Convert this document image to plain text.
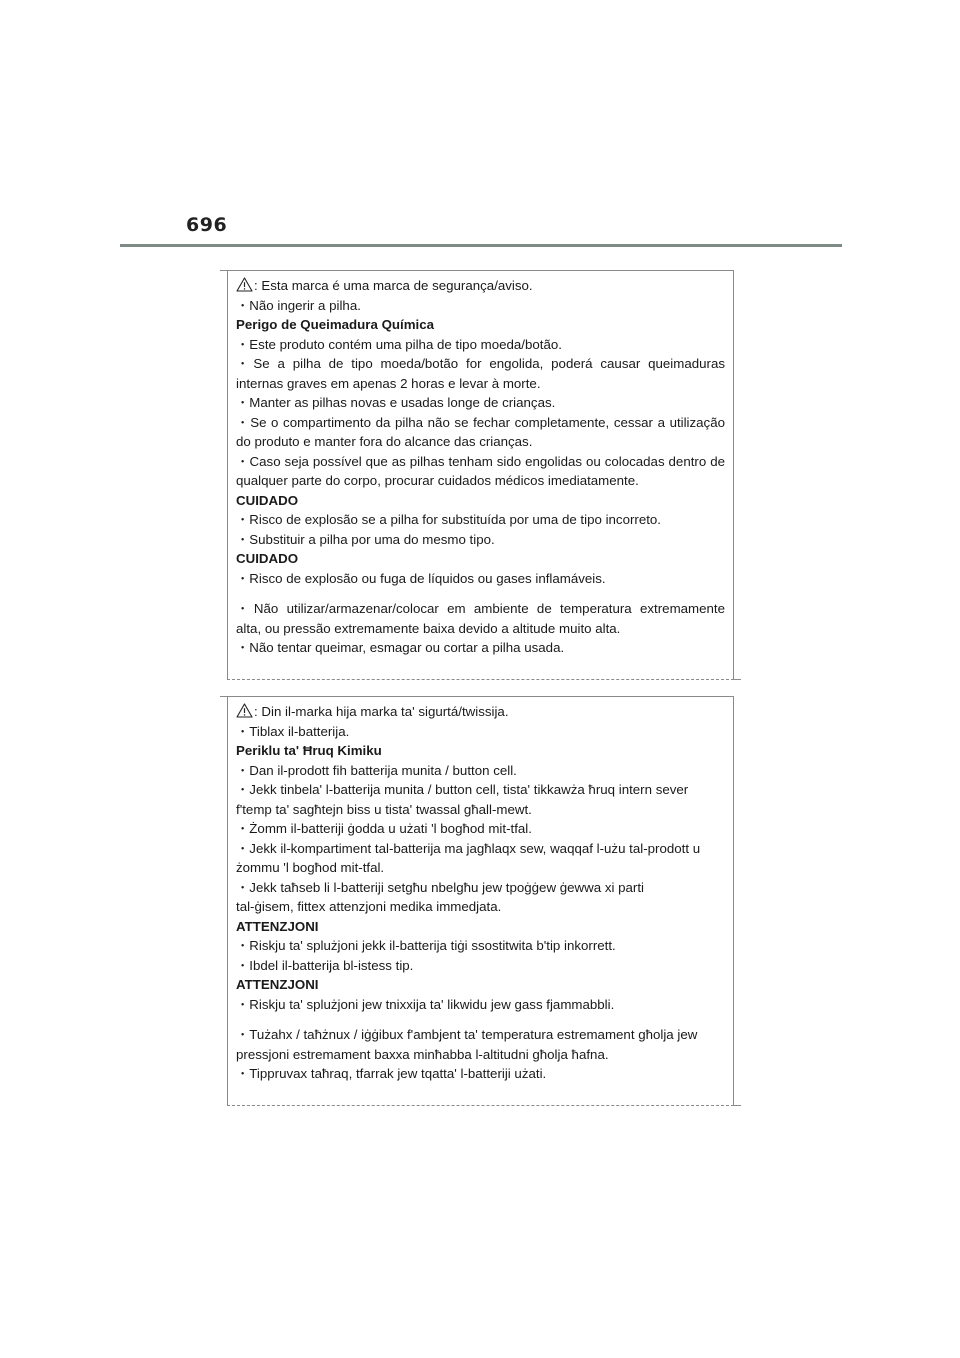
696

: Esta marca é uma marca de segurança/aviso.

・Não ingerir a pilha.

Perigo de Queimadura Química

・Este produto contém uma pilha de tipo moeda/botão.

・Se a pilha de tipo moeda/botão for engolida, poderá causar queimaduras

internas graves em apenas 2 horas e levar à morte.

・Manter as pilhas novas e usadas longe de crianças.

・Se o compartimento da pilha não se fechar completamente, cessar a utilização

do produto e manter fora do alcance das crianças.

・Caso seja possível que as pilhas tenham sido engolidas ou colocadas dentro de

qualquer parte do corpo, procurar cuidados médicos imediatamente.

CUIDADO

・Risco de explosão se a pilha for substituída por uma de tipo incorreto.

・Substituir a pilha por uma do mesmo tipo.

CUIDADO

・Risco de explosão ou fuga de líquidos ou gases inflamáveis.

・Não utilizar/armazenar/colocar em ambiente de temperatura extremamente

alta, ou pressão extremamente baixa devido a altitude muito alta.

・Não tentar queimar, esmagar ou cortar a pilha usada.

: Din il-marka hija marka ta' sigurtá/twissija.

・Tiblax il-batterija.

Periklu ta' Ħruq Kimiku

・Dan il-prodott fih batterija munita / button cell.

・Jekk tinbela' l-batterija munita / button cell, tista' tikkawża ħruq intern sever

f'temp ta' sagħtejn biss u tista' twassal għall-mewt.

・Żomm il-batteriji ġodda u użati 'l bogħod mit-tfal.

・Jekk il-kompartiment tal-batterija ma jagħlaqx sew, waqqaf l-użu tal-prodott u

żommu 'l bogħod mit-tfal.

・Jekk taħseb li l-batteriji setgħu nbelgħu jew tpoġġew ġewwa xi parti

tal-ġisem, fittex attenzjoni medika immedjata.

ATTENZJONI

・Riskju ta' splużjoni jekk il-batterija tiġi ssostitwita b'tip inkorrett.

・Ibdel il-batterija bl-istess tip.

ATTENZJONI

・Riskju ta' splużjoni jew tnixxija ta' likwidu jew gass fjammabbli.

・Tużahx / taħżnux / iġġibux f'ambjent ta' temperatura estremament għolja jew

pressjoni estremament baxxa minħabba l-altitudni għolja ħafna.

・Tippruvax taħraq, tfarrak jew tqatta' l-batteriji użati.
